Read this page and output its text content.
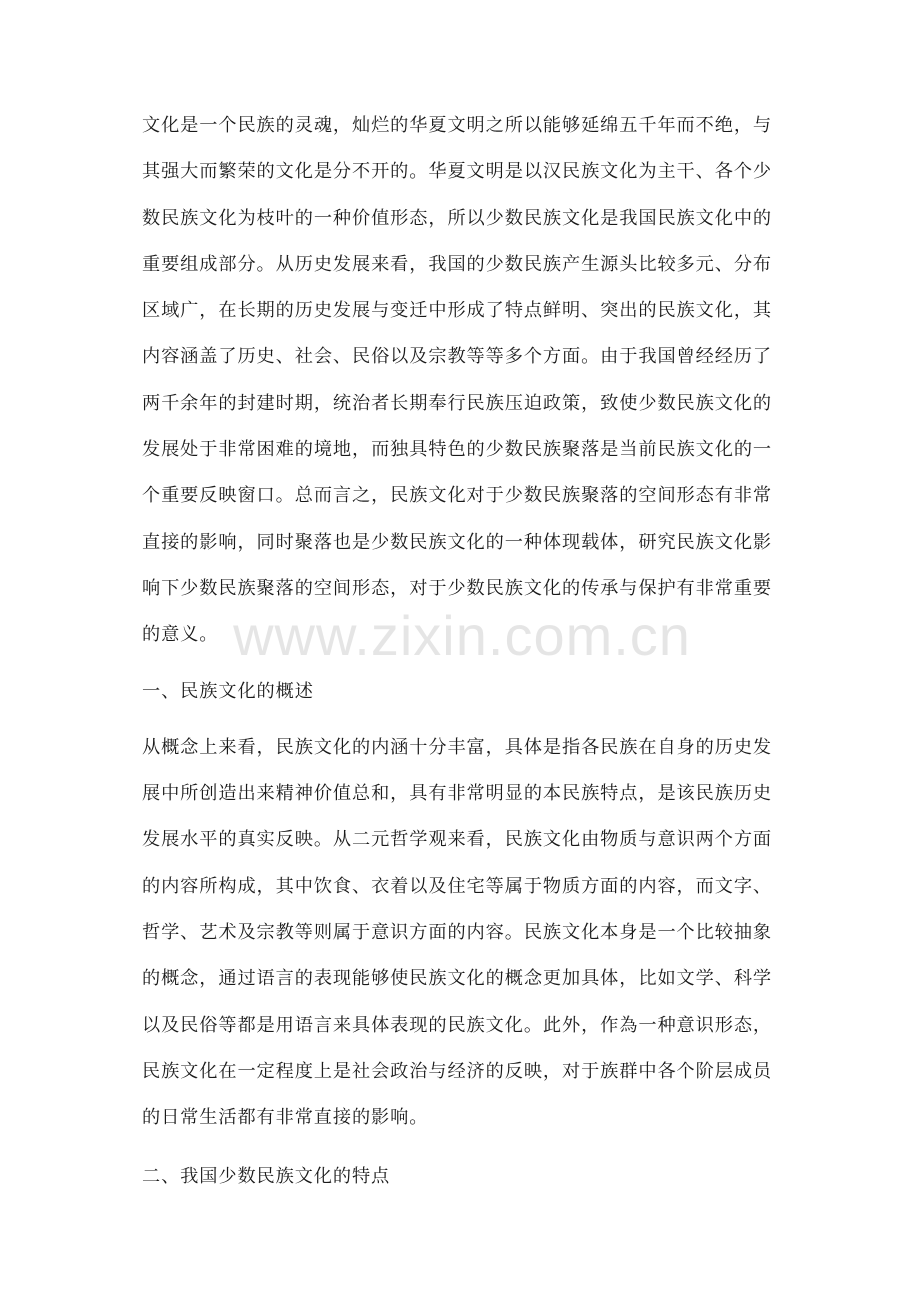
文化是一个民族的灵魂，灿烂的华夏文明之所以能够延绵五千年而不绝，与其强大而繁荣的文化是分不开的。华夏文明是以汉民族文化为主干、各个少数民族文化为枝叶的一种价值形态，所以少数民族文化是我国民族文化中的重要组成部分。从历史发展来看，我国的少数民族产生源头比较多元、分布区域广，在长期的历史发展与变迁中形成了特点鲜明、突出的民族文化，其内容涵盖了历史、社会、民俗以及宗教等等多个方面。由于我国曾经经历了两千余年的封建时期，统治者长期奉行民族压迫政策，致使少数民族文化的发展处于非常困难的境地，而独具特色的少数民族聚落是当前民族文化的一个重要反映窗口。总而言之，民族文化对于少数民族聚落的空间形态有非常直接的影响，同时聚落也是少数民族文化的一种体现载体，研究民族文化影响下少数民族聚落的空间形态，对于少数民族文化的传承与保护有非常重要的意义。

一、民族文化的概述

从概念上来看，民族文化的内涵十分丰富，具体是指各民族在自身的历史发展中所创造出来精神价值总和，具有非常明显的本民族特点，是该民族历史发展水平的真实反映。从二元哲学观来看，民族文化由物质与意识两个方面的内容所构成，其中饮食、衣着以及住宅等属于物质方面的内容，而文字、哲学、艺术及宗教等则属于意识方面的内容。民族文化本身是一个比较抽象的概念，通过语言的表现能够使民族文化的概念更加具体，比如文学、科学以及民俗等都是用语言来具体表现的民族文化。此外，作為一种意识形态，民族文化在一定程度上是社会政治与经济的反映，对于族群中各个阶层成员的日常生活都有非常直接的影响。

二、我国少数民族文化的特点

www.zixin.com.cn
